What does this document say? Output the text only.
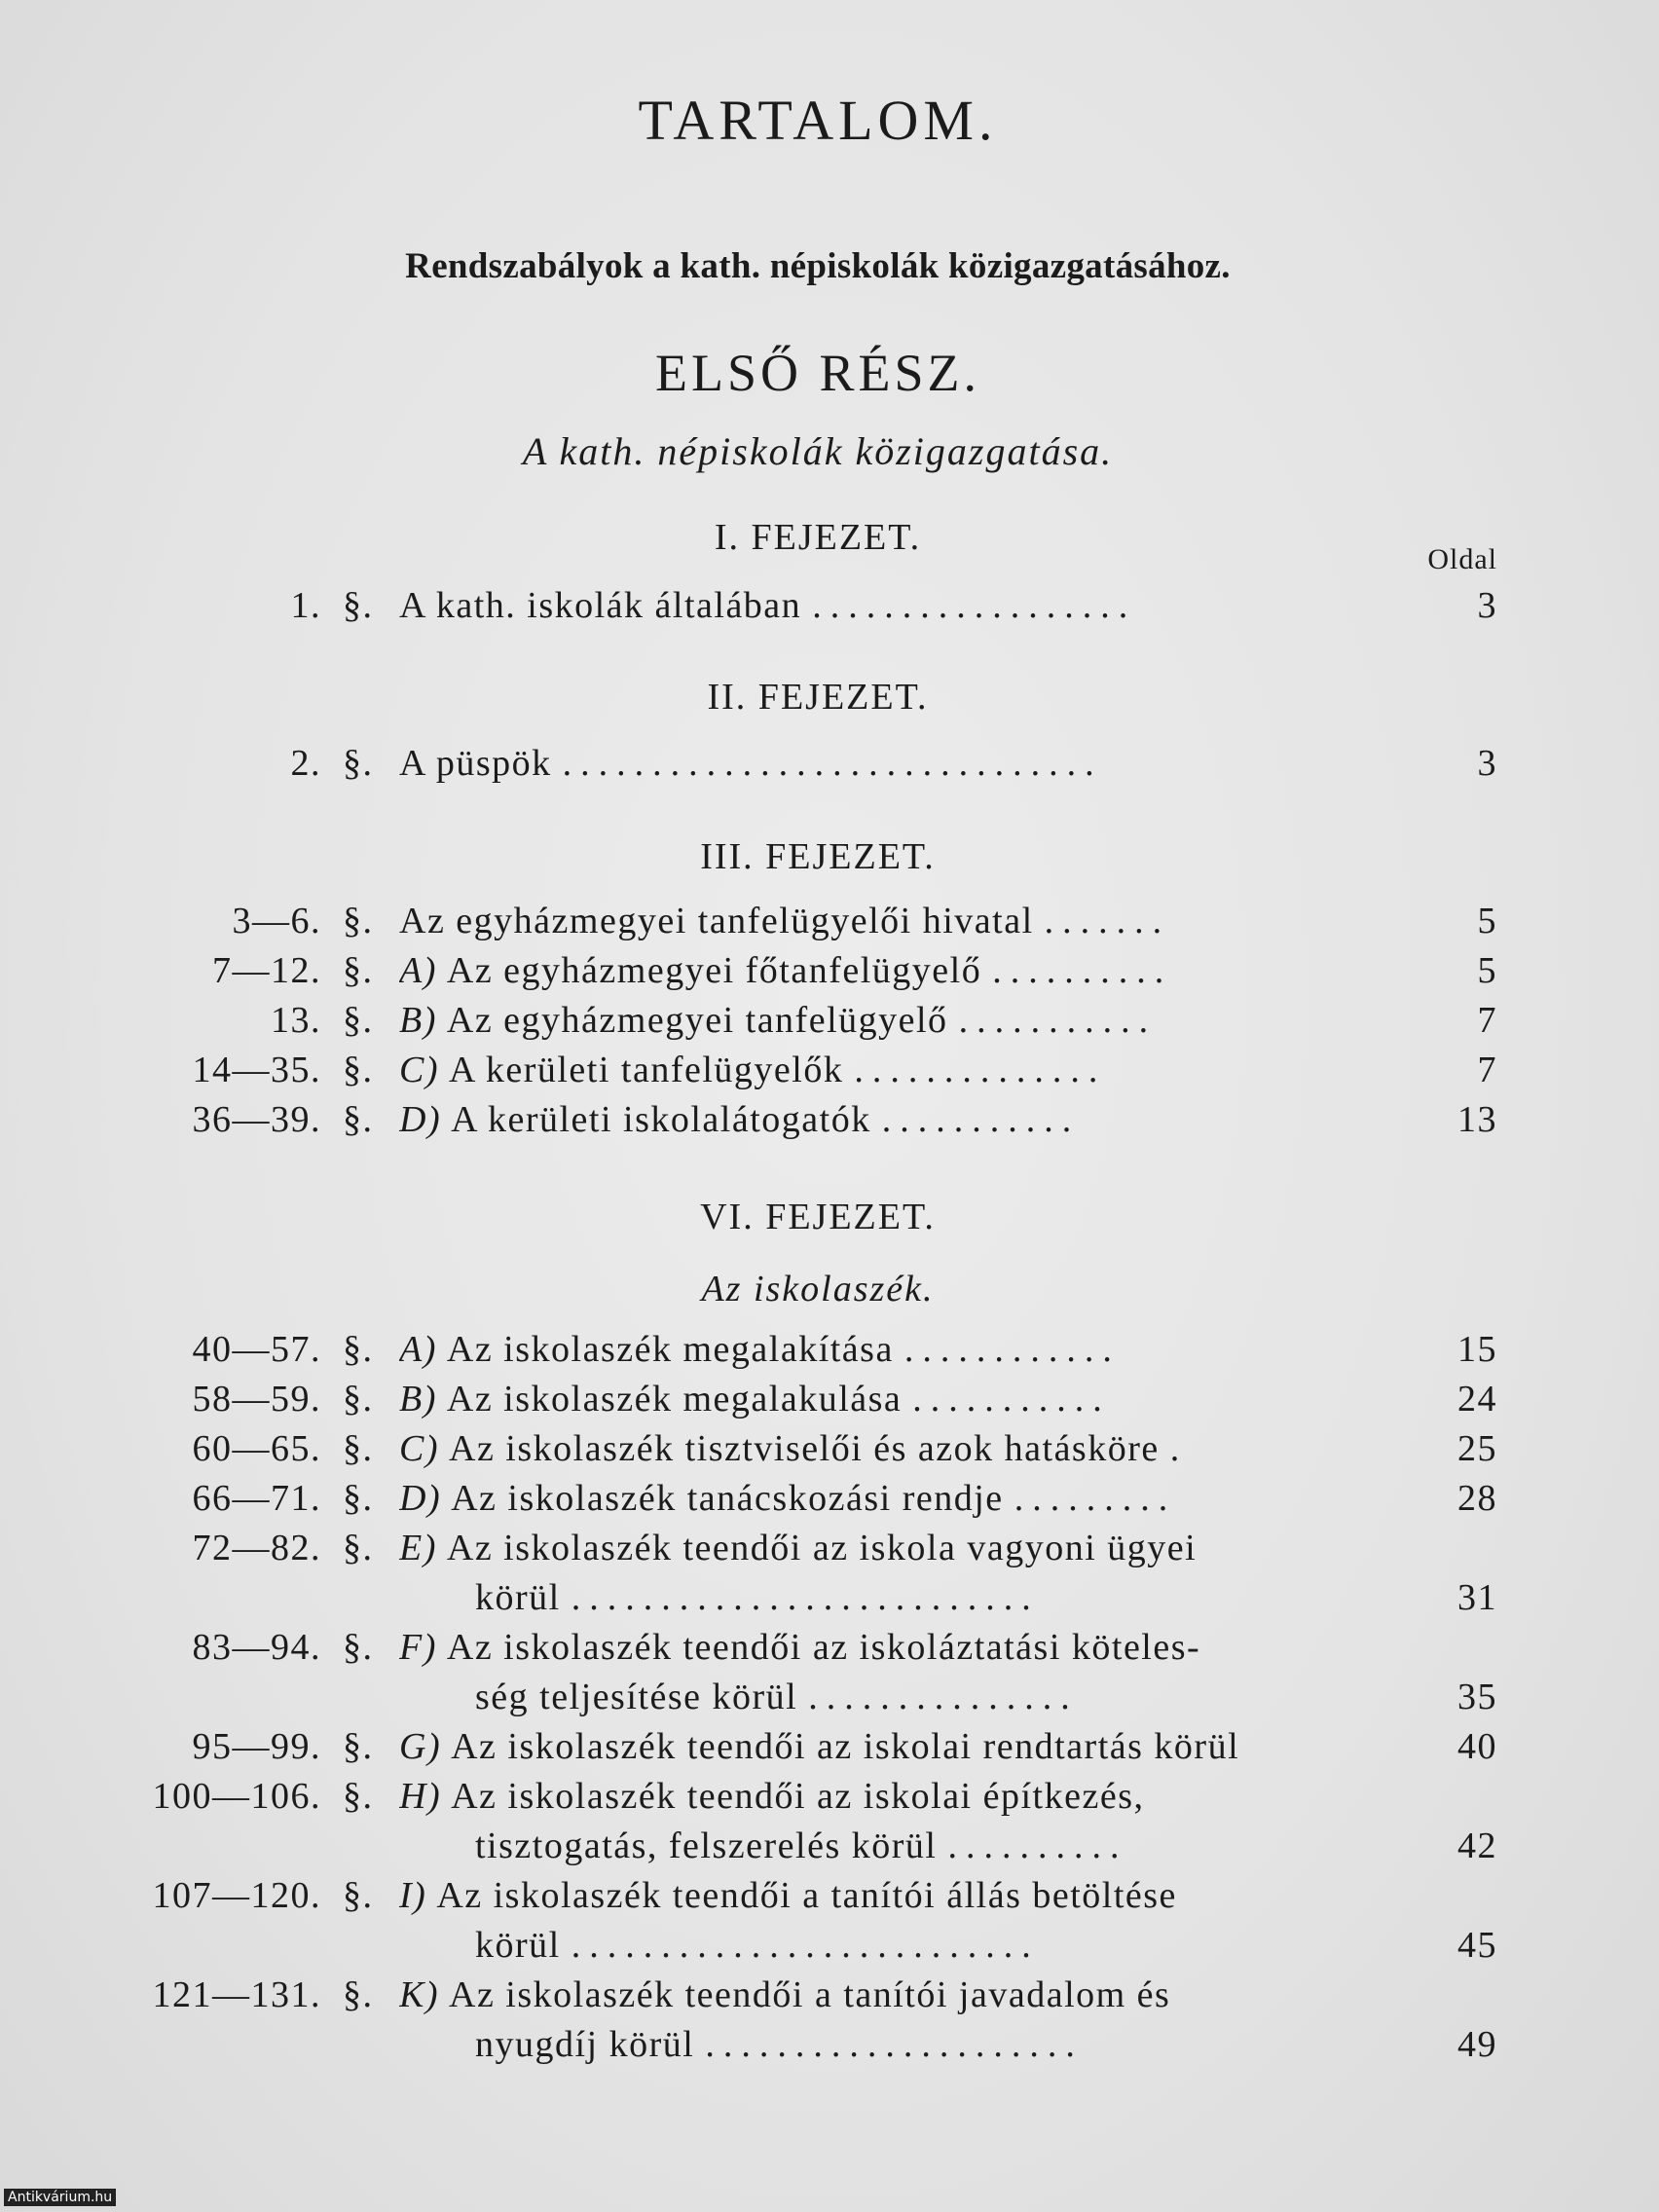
TARTALOM.
Rendszabályok a kath. népiskolák közigazgatásához.
ELSŐ RÉSZ.
A kath. népiskolák közigazgatása.
Oldal
I. FEJEZET.
1. §. A kath. iskolák általában ..................	3
II. FEJEZET.
2. §. A püspök ..............................	3
III. FEJEZET.
3—6. §. Az egyházmegyei tanfelügyelői hivatal .......	5
7—12. §. A) Az egyházmegyei főtanfelügyelő ..........	5
13. §. B) Az egyházmegyei tanfelügyelő ...........	7
14—35. §. C) A kerületi tanfelügyelők ..............	7
36—39. §. D) A kerületi iskolalátogatók ...........	13
VI. FEJEZET.
Az iskolaszék.
40—57. §. A) Az iskolaszék megalakítása ............	15
58—59. §. B) Az iskolaszék megalakulása ...........	24
60—65. §. C) Az iskolaszék tisztviselői és azok hatásköre .	25
66—71. §. D) Az iskolaszék tanácskozási rendje .........	28
72—82. §. E) Az iskolaszék teendői az iskola vagyoni ügyei
körül ..........................	31
83—94. §. F) Az iskolaszék teendői az iskoláztatási köteles-
ség teljesítése körül ...............	35
95—99. §. G) Az iskolaszék teendői az iskolai rendtartás körül	40
100—106. §. H) Az iskolaszék teendői az iskolai építkezés,
tisztogatás, felszerelés körül ..........	42
107—120. §. I) Az iskolaszék teendői a tanítói állás betöltése
körül ..........................	45
121—131. §. K) Az iskolaszék teendői a tanítói javadalom és
nyugdíj körül .....................	49
Antikvárium.hu
